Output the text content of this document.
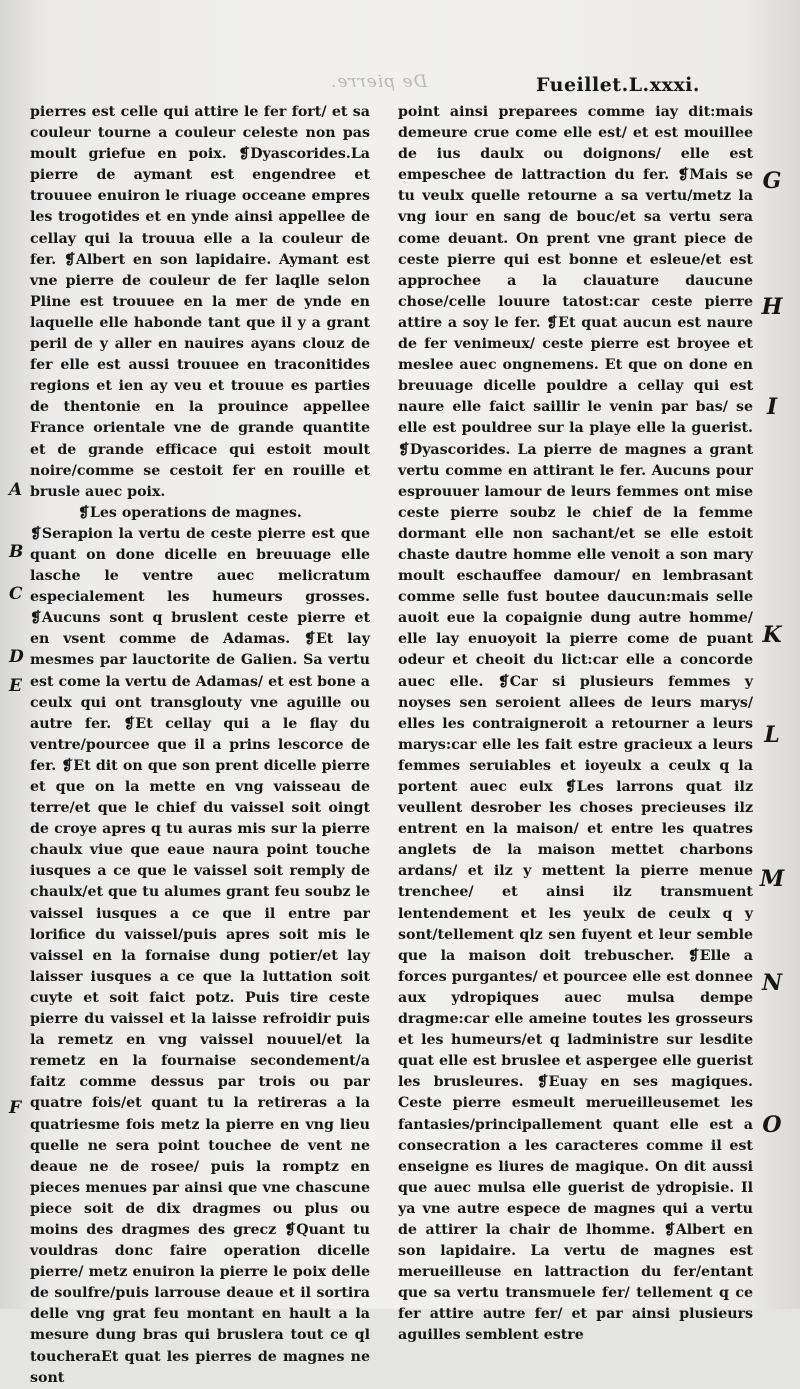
De pierre.	Fueillet.L.xxxi.

pierres est celle qui attire le fer fort/ et sa couleur tourne a couleur celeste non pas moult griefue en poix. ❡Dyascorides.La pierre de aymant est engendree et trouuee enuiron le riuage occeane empres les trogotides et en ynde ainsi appellee de cellay qui la trouua elle a la couleur de fer. ❡Albert en son lapidaire. Aymant est vne pierre de couleur de fer laqlle selon Pline est trouuee en la mer de ynde en laquelle elle habonde tant que il y a grant peril de y aller en nauires ayans clouz de fer elle est aussi trouuee en traconitides regions et ien ay veu et trouue es parties de thentonie en la prouince appellee France orientale vne de grande quantite et de grande efficace qui estoit moult noire/comme se cestoit fer en rouille et brusle auec poix.

❡Les operations de magnes.

❡Serapion la vertu de ceste pierre est que quant on done dicelle en breuuage elle lasche le ventre auec melicratum especialement les humeurs grosses. ❡Aucuns sont q bruslent ceste pierre et en vsent comme de Adamas. ❡Et lay mesmes par lauctorite de Galien. Sa vertu est come la vertu de Adamas/ et est bone a ceulx qui ont transglouty vne aguille ou autre fer. ❡Et cellay qui a le flay du ventre/pourcee que il a prins lescorce de fer. ❡Et dit on que son prent dicelle pierre et que on la mette en vng vaisseau de terre/et que le chief du vaissel soit oingt de croye apres q tu auras mis sur la pierre chaulx viue que eaue naura point touche iusques a ce que le vaissel soit remply de chaulx/et que tu alumes grant feu soubz le vaissel iusques a ce que il entre par lorifice du vaissel/puis apres soit mis le vaissel en la fornaise dung potier/et lay laisser iusques a ce que la luttation soit cuyte et soit faict potz. Puis tire ceste pierre du vaissel et la laisse refroidir puis la remetz en vng vaissel nouuel/et la remetz en la fournaise secondement/a faitz comme dessus par trois ou par quatre fois/et quant tu la retireras a la quatriesme fois metz la pierre en vng lieu quelle ne sera point touchee de vent ne deaue ne de rosee/ puis la romptz en pieces menues par ainsi que vne chascune piece soit de dix dragmes ou plus ou moins des dragmes des grecz ❡Quant tu vouldras donc faire operation dicelle pierre/ metz enuiron la pierre le poix delle de soulfre/puis larrouse deaue et il sortira delle vng grat feu montant en hault a la mesure dung bras qui bruslera tout ce ql toucheraEt quat les pierres de magnes ne sont

point ainsi preparees comme iay dit:mais demeure crue come elle est/ et est mouillee de ius daulx ou doignons/ elle est empeschee de lattraction du fer. ❡Mais se tu veulx quelle retourne a sa vertu/metz la vng iour en sang de bouc/et sa vertu sera come deuant. On prent vne grant piece de ceste pierre qui est bonne et esleue/et est approchee a la clauature daucune chose/celle louure tatost:car ceste pierre attire a soy le fer. ❡Et quat aucun est naure de fer venimeux/ ceste pierre est broyee et meslee auec ongnemens. Et que on done en breuuage dicelle pouldre a cellay qui est naure elle faict saillir le venin par bas/ se elle est pouldree sur la playe elle la guerist. ❡Dyascorides. La pierre de magnes a grant vertu comme en attirant le fer. Aucuns pour esprouuer lamour de leurs femmes ont mise ceste pierre soubz le chief de la femme dormant elle non sachant/et se elle estoit chaste dautre homme elle venoit a son mary moult eschauffee damour/ en lembrasant comme selle fust boutee daucun:mais selle auoit eue la copaignie dung autre homme/ elle lay enuoyoit la pierre come de puant odeur et cheoit du lict:car elle a concorde auec elle. ❡Car si plusieurs femmes y noyses sen seroient allees de leurs marys/ elles les contraigneroit a retourner a leurs marys:car elle les fait estre gracieux a leurs femmes seruiables et ioyeulx a ceulx q la portent auec eulx ❡Les larrons quat ilz veullent desrober les choses precieuses ilz entrent en la maison/ et entre les quatres anglets de la maison mettet charbons ardans/ et ilz y mettent la pierre menue trenchee/ et ainsi ilz transmuent lentendement et les yeulx de ceulx q y sont/tellement qlz sen fuyent et leur semble que la maison doit trebuscher. ❡Elle a forces purgantes/ et pourcee elle est donnee aux ydropiques auec mulsa dempe dragme:car elle ameine toutes les grosseurs et les humeurs/et q ladministre sur lesdite quat elle est bruslee et aspergee elle guerist les brusleures. ❡Euay en ses magiques. Ceste pierre esmeult merueilleusemet les fantasies/principallement quant elle est a consecration a les caracteres comme il est enseigne es liures de magique. On dit aussi que auec mulsa elle guerist de ydropisie. Il ya vne autre espece de magnes qui a vertu de attirer la chair de lhomme. ❡Albert en son lapidaire. La vertu de magnes est merueilleuse en lattraction du fer/entant que sa vertu transmuele fer/ tellement q ce fer attire autre fer/ et par ainsi plusieurs aguilles semblent estre

A
B
C
D
E
F
G
H
I
K
L
M
N
O
